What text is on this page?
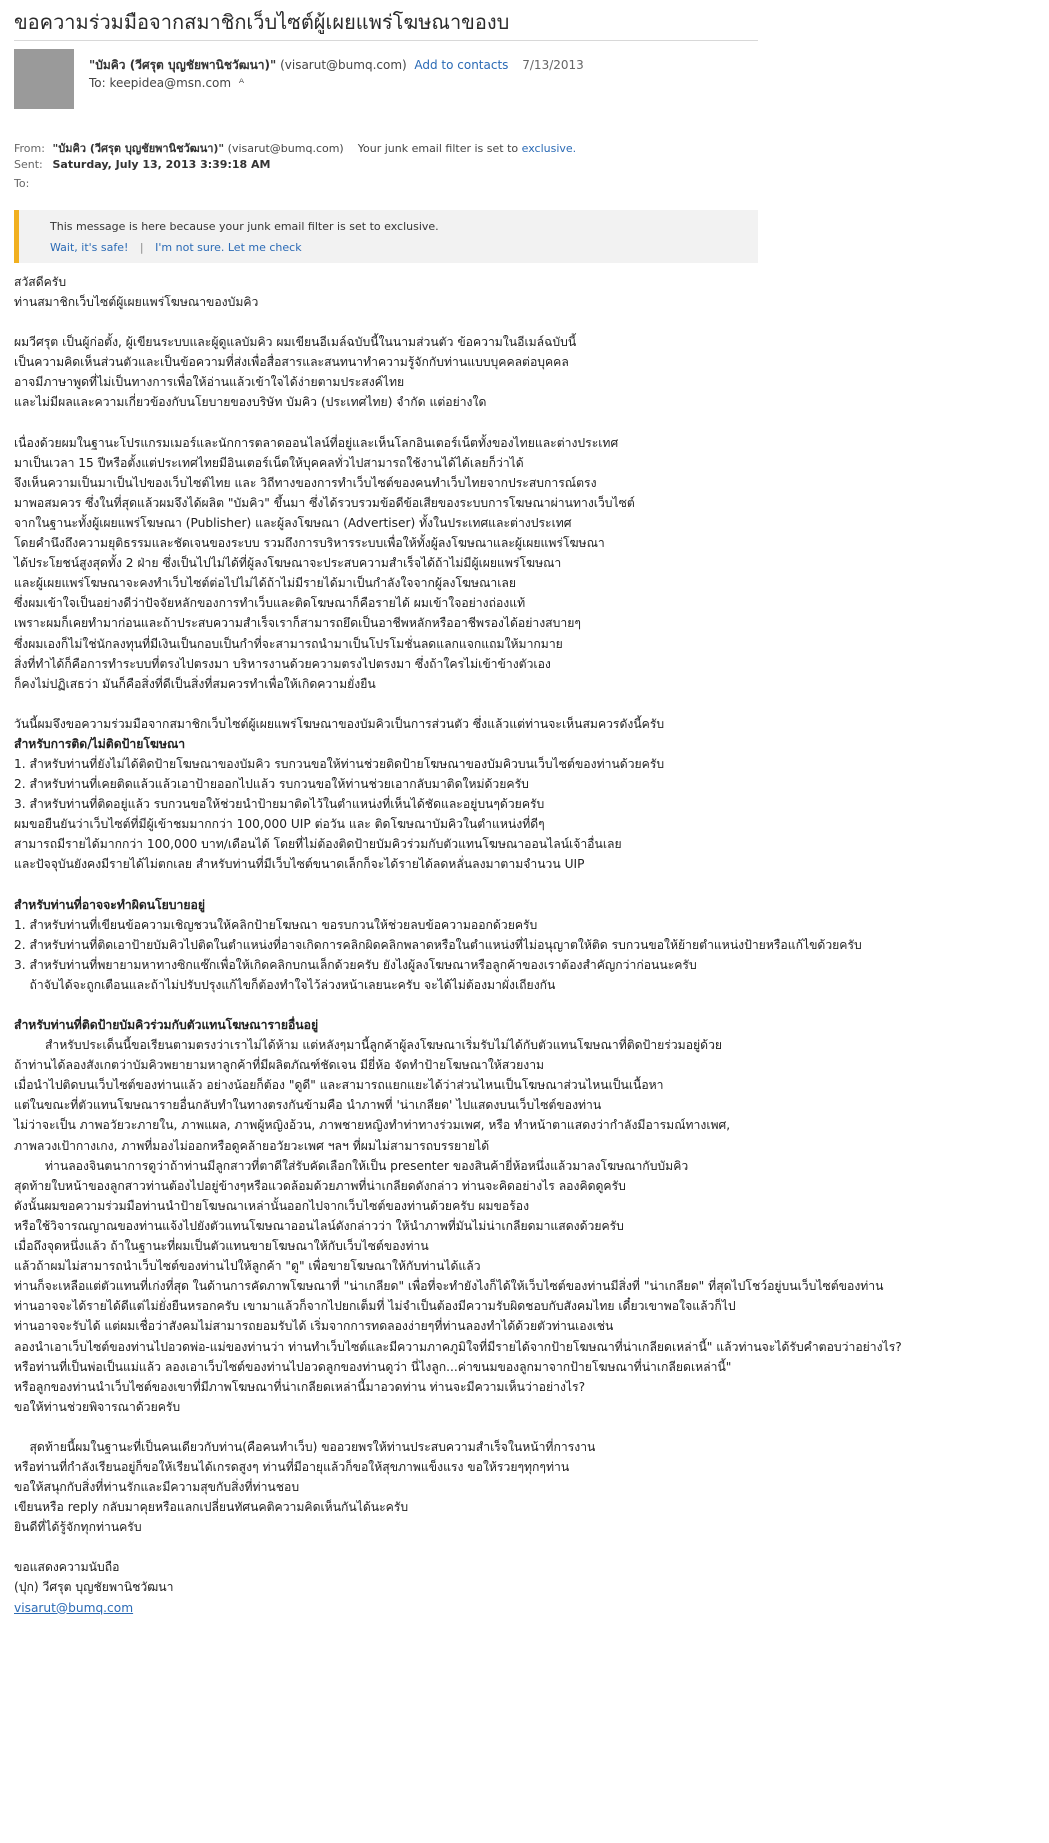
ขอความร่วมมือจากสมาชิกเว็บไซต์ผู้เผยแพร่โฆษณาของบ
"บัมคิว (วีศรุต บุญชัยพานิชวัฒนา)" (visarut@bumq.com) Add to contacts 7/13/2013
To: keepidea@msn.com ᴬ
From: "บัมคิว (วีศรุต บุญชัยพานิชวัฒนา)" (visarut@bumq.com) Your junk email filter is set to exclusive.
Sent: Saturday, July 13, 2013 3:39:18 AM
To:
This message is here because your junk email filter is set to exclusive.
Wait, it's safe! | I'm not sure. Let me check

สวัสดีครับ

ท่านสมาชิกเว็บไซต์ผู้เผยแพร่โฆษณาของบัมคิว

ผมวีศรุต เป็นผู้ก่อตั้ง, ผู้เขียนระบบและผู้ดูแลบัมคิว ผมเขียนอีเมล์ฉบับนี้ในนามส่วนตัว ข้อความในอีเมล์ฉบับนี้

เป็นความคิดเห็นส่วนตัวและเป็นข้อความที่ส่งเพื่อสื่อสารและสนทนาทำความรู้จักกับท่านแบบบุคคลต่อบุคคล

อาจมีภาษาพูดที่ไม่เป็นทางการเพื่อให้อ่านแล้วเข้าใจได้ง่ายตามประสงค์ไทย

และไม่มีผลและความเกี่ยวข้องกับนโยบายของบริษัท บัมคิว (ประเทศไทย) จำกัด แต่อย่างใด

เนื่องด้วยผมในฐานะโปรแกรมเมอร์และนักการตลาดออนไลน์ที่อยู่และเห็นโลกอินเตอร์เน็ตทั้งของไทยและต่างประเทศ

มาเป็นเวลา 15 ปีหรือตั้งแต่ประเทศไทยมีอินเตอร์เน็ตให้บุคคลทั่วไปสามารถใช้งานได้ได้เลยก็ว่าได้

จึงเห็นความเป็นมาเป็นไปของเว็บไซต์ไทย และ วิถีทางของการทำเว็บไซต์ของคนทำเว็บไทยจากประสบการณ์ตรง

มาพอสมควร ซึ่งในที่สุดแล้วผมจึงได้ผลิต "บัมคิว" ขึ้นมา ซึ่งได้รวบรวมข้อดีข้อเสียของระบบการโฆษณาผ่านทางเว็บไซต์

จากในฐานะทั้งผู้เผยแพร่โฆษณา (Publisher) และผู้ลงโฆษณา (Advertiser) ทั้งในประเทศและต่างประเทศ

โดยคำนึงถึงความยุติธรรมและชัดเจนของระบบ รวมถึงการบริหารระบบเพื่อให้ทั้งผู้ลงโฆษณาและผู้เผยแพร่โฆษณา

ได้ประโยชน์สูงสุดทั้ง 2 ฝ่าย ซึ่งเป็นไปไม่ได้ที่ผู้ลงโฆษณาจะประสบความสำเร็จได้ถ้าไม่มีผู้เผยแพร่โฆษณา

และผู้เผยแพร่โฆษณาจะคงทำเว็บไซต์ต่อไปไม่ได้ถ้าไม่มีรายได้มาเป็นกำลังใจจากผู้ลงโฆษณาเลย

ซึ่งผมเข้าใจเป็นอย่างดีว่าปัจจัยหลักของการทำเว็บและติดโฆษณาก็คือรายได้ ผมเข้าใจอย่างถ่องแท้

เพราะผมก็เคยทำมาก่อนและถ้าประสบความสำเร็จเราก็สามารถยึดเป็นอาชีพหลักหรืออาชีพรองได้อย่างสบายๆ

ซึ่งผมเองก็ไม่ใช่นักลงทุนที่มีเงินเป็นกอบเป็นกำที่จะสามารถนำมาเป็นโปรโมชั่นลดแลกแจกแถมให้มากมาย

สิ่งที่ทำได้ก็คือการทำระบบที่ตรงไปตรงมา บริหารงานด้วยความตรงไปตรงมา ซึ่งถ้าใครไม่เข้าข้างตัวเอง

ก็คงไม่ปฏิเสธว่า มันก็คือสิ่งที่ดีเป็นสิ่งที่สมควรทำเพื่อให้เกิดความยั่งยืน

วันนี้ผมจึงขอความร่วมมือจากสมาชิกเว็บไซต์ผู้เผยแพร่โฆษณาของบัมคิวเป็นการส่วนตัว ซึ่งแล้วแต่ท่านจะเห็นสมควรดังนี้ครับ

สำหรับการติด/ไม่ติดป้ายโฆษณา

1. สำหรับท่านที่ยังไม่ได้ติดป้ายโฆษณาของบัมคิว รบกวนขอให้ท่านช่วยติดป้ายโฆษณาของบัมคิวบนเว็บไซต์ของท่านด้วยครับ

2. สำหรับท่านที่เคยติดแล้วแล้วเอาป้ายออกไปแล้ว รบกวนขอให้ท่านช่วยเอากลับมาติดใหม่ด้วยครับ

3. สำหรับท่านที่ติดอยู่แล้ว รบกวนขอให้ช่วยนำป้ายมาติดไว้ในตำแหน่งที่เห็นได้ชัดและอยู่บนๆด้วยครับ

ผมขอยืนยันว่าเว็บไซต์ที่มีผู้เข้าชมมากกว่า 100,000 UIP ต่อวัน และ ติดโฆษณาบัมคิวในตำแหน่งที่ดีๆ

สามารถมีรายได้มากกว่า 100,000 บาท/เดือนได้ โดยที่ไม่ต้องติดป้ายบัมคิวร่วมกับตัวแทนโฆษณาออนไลน์เจ้าอื่นเลย

และปัจจุบันยังคงมีรายได้ไม่ตกเลย สำหรับท่านที่มีเว็บไซต์ขนาดเล็กก็จะได้รายได้ลดหลั่นลงมาตามจำนวน UIP

สำหรับท่านที่อาจจะทำผิดนโยบายอยู่

1. สำหรับท่านที่เขียนข้อความเชิญชวนให้คลิกป้ายโฆษณา ขอรบกวนให้ช่วยลบข้อความออกด้วยครับ

2. สำหรับท่านที่ติดเอาป้ายบัมคิวไปติดในตำแหน่งที่อาจเกิดการคลิกผิดคลิกพลาดหรือในตำแหน่งที่ไม่อนุญาตให้ติด รบกวนขอให้ย้ายตำแหน่งป้ายหรือแก้ไขด้วยครับ

3. สำหรับท่านที่พยายามหาทางซิกแซ๊กเพื่อให้เกิดคลิกบกนเล็กด้วยครับ ยังไงผู้ลงโฆษณาหรือลูกค้าของเราต้องสำคัญกว่าก่อนนะครับ

ถ้าจับได้จะถูกเตือนและถ้าไม่ปรับปรุงแก้ไขก็ต้องทำใจไว้ล่วงหน้าเลยนะครับ จะได้ไม่ต้องมาผั่งเถียงกัน

สำหรับท่านที่ติดป้ายบัมคิวร่วมกับตัวแทนโฆษณารายอื่นอยู่

สำหรับประเด็นนี้ขอเรียนตามตรงว่าเราไม่ได้ห้าม แต่หลังๆมานี้ลูกค้าผู้ลงโฆษณาเริ่มรับไม่ได้กับตัวแทนโฆษณาที่ติดป้ายร่วมอยู่ด้วย

ถ้าท่านได้ลองสังเกตว่าบัมคิวพยายามหาลูกค้าที่มีผลิตภัณฑ์ชัดเจน มียี่ห้อ จัดทำป้ายโฆษณาให้สวยงาม

เมื่อนำไปติดบนเว็บไซต์ของท่านแล้ว อย่างน้อยก็ต้อง "ดูดี" และสามารถแยกแยะได้ว่าส่วนไหนเป็นโฆษณาส่วนไหนเป็นเนื้อหา

แต่ในขณะที่ตัวแทนโฆษณารายอื่นกลับทำในทางตรงกันข้ามคือ นำภาพที่ 'น่าเกลียด' ไปแสดงบนเว็บไซต์ของท่าน

ไม่ว่าจะเป็น ภาพอวัยวะภายใน, ภาพแผล, ภาพผู้หญิงอ้วน, ภาพชายหญิงทำท่าทางร่วมเพศ, หรือ ทำหน้าตาแสดงว่ากำลังมีอารมณ์ทางเพศ,

ภาพลวงเป้ากางเกง, ภาพที่มองไม่ออกหรือดูคล้ายอวัยวะเพศ ฯลฯ ที่ผมไม่สามารถบรรยายได้

ท่านลองจินตนาการดูว่าถ้าท่านมีลูกสาวที่ตาดีใส่รับคัดเลือกให้เป็น presenter ของสินค้ายี่ห้อหนึ่งแล้วมาลงโฆษณากับบัมคิว

สุดท้ายใบหน้าของลูกสาวท่านต้องไปอยู่ข้างๆหรือแวดล้อมด้วยภาพที่น่าเกลียดดังกล่าว ท่านจะคิดอย่างไร ลองคิดดูครับ

ดังนั้นผมขอความร่วมมือท่านนำป้ายโฆษณาเหล่านั้นออกไปจากเว็บไซต์ของท่านด้วยครับ ผมขอร้อง

หรือใช้วิจารณญาณของท่านแจ้งไปยังตัวแทนโฆษณาออนไลน์ดังกล่าวว่า ให้นำภาพที่มันไม่น่าเกลียดมาแสดงด้วยครับ

เมื่อถึงจุดหนึ่งแล้ว ถ้าในฐานะที่ผมเป็นตัวแทนขายโฆษณาให้กับเว็บไซต์ของท่าน

แล้วถ้าผมไม่สามารถนำเว็บไซต์ของท่านไปให้ลูกค้า "ดู" เพื่อขายโฆษณาให้กับท่านได้แล้ว

ท่านก็จะเหลือแต่ตัวแทนที่เก่งที่สุด ในด้านการคัดภาพโฆษณาที่ "น่าเกลียด" เพื่อที่จะทำยังไงก็ได้ให้เว็บไซต์ของท่านมีสิ่งที่ "น่าเกลียด" ที่สุดไปโชว์อยู่บนเว็บไซต์ของท่าน

ท่านอาจจะได้รายได้ดีแต่ไม่ยั่งยืนหรอกครับ เขามาแล้วก็จากไปยกเต็มที่ ไม่จำเป็นต้องมีความรับผิดชอบกับสังคมไทย เดี๋ยวเขาพอใจแล้วก็ไป

ท่านอาจจะรับได้ แต่ผมเชื่อว่าสังคมไม่สามารถยอมรับได้ เริ่มจากการทดลองง่ายๆที่ท่านลองทำได้ด้วยตัวท่านเองเช่น

ลองนำเอาเว็บไซต์ของท่านไปอวดพ่อ-แม่ของท่านว่า ท่านทำเว็บไซต์และมีความภาคภูมิใจที่มีรายได้จากป้ายโฆษณาที่น่าเกลียดเหล่านี้" แล้วท่านจะได้รับคำตอบว่าอย่างไร?

หรือท่านที่เป็นพ่อเป็นแม่แล้ว ลองเอาเว็บไซต์ของท่านไปอวดลูกของท่านดูว่า นี่ไงลูก...ค่าขนมของลูกมาจากป้ายโฆษณาที่น่าเกลียดเหล่านี้"

หรือลูกของท่านนำเว็บไซต์ของเขาที่มีภาพโฆษณาที่น่าเกลียดเหล่านี้มาอวดท่าน ท่านจะมีความเห็นว่าอย่างไร?

ขอให้ท่านช่วยพิจารณาด้วยครับ

สุดท้ายนี้ผมในฐานะที่เป็นคนเดียวกับท่าน(คือคนทำเว็บ) ขออวยพรให้ท่านประสบความสำเร็จในหน้าที่การงาน

หรือท่านที่กำลังเรียนอยู่ก็ขอให้เรียนได้เกรดสูงๆ ท่านที่มีอายุแล้วก็ขอให้สุขภาพแข็งแรง ขอให้รวยๆทุกๆท่าน

ขอให้สนุกกับสิ่งที่ท่านรักและมีความสุขกับสิ่งที่ท่านชอบ

เขียนหรือ reply กลับมาคุยหรือแลกเปลี่ยนทัศนคติความคิดเห็นกันได้นะครับ

ยินดีที่ได้รู้จักทุกท่านครับ

ขอแสดงความนับถือ

(ปุก) วีศรุต บุญชัยพานิชวัฒนา

visarut@bumq.com
